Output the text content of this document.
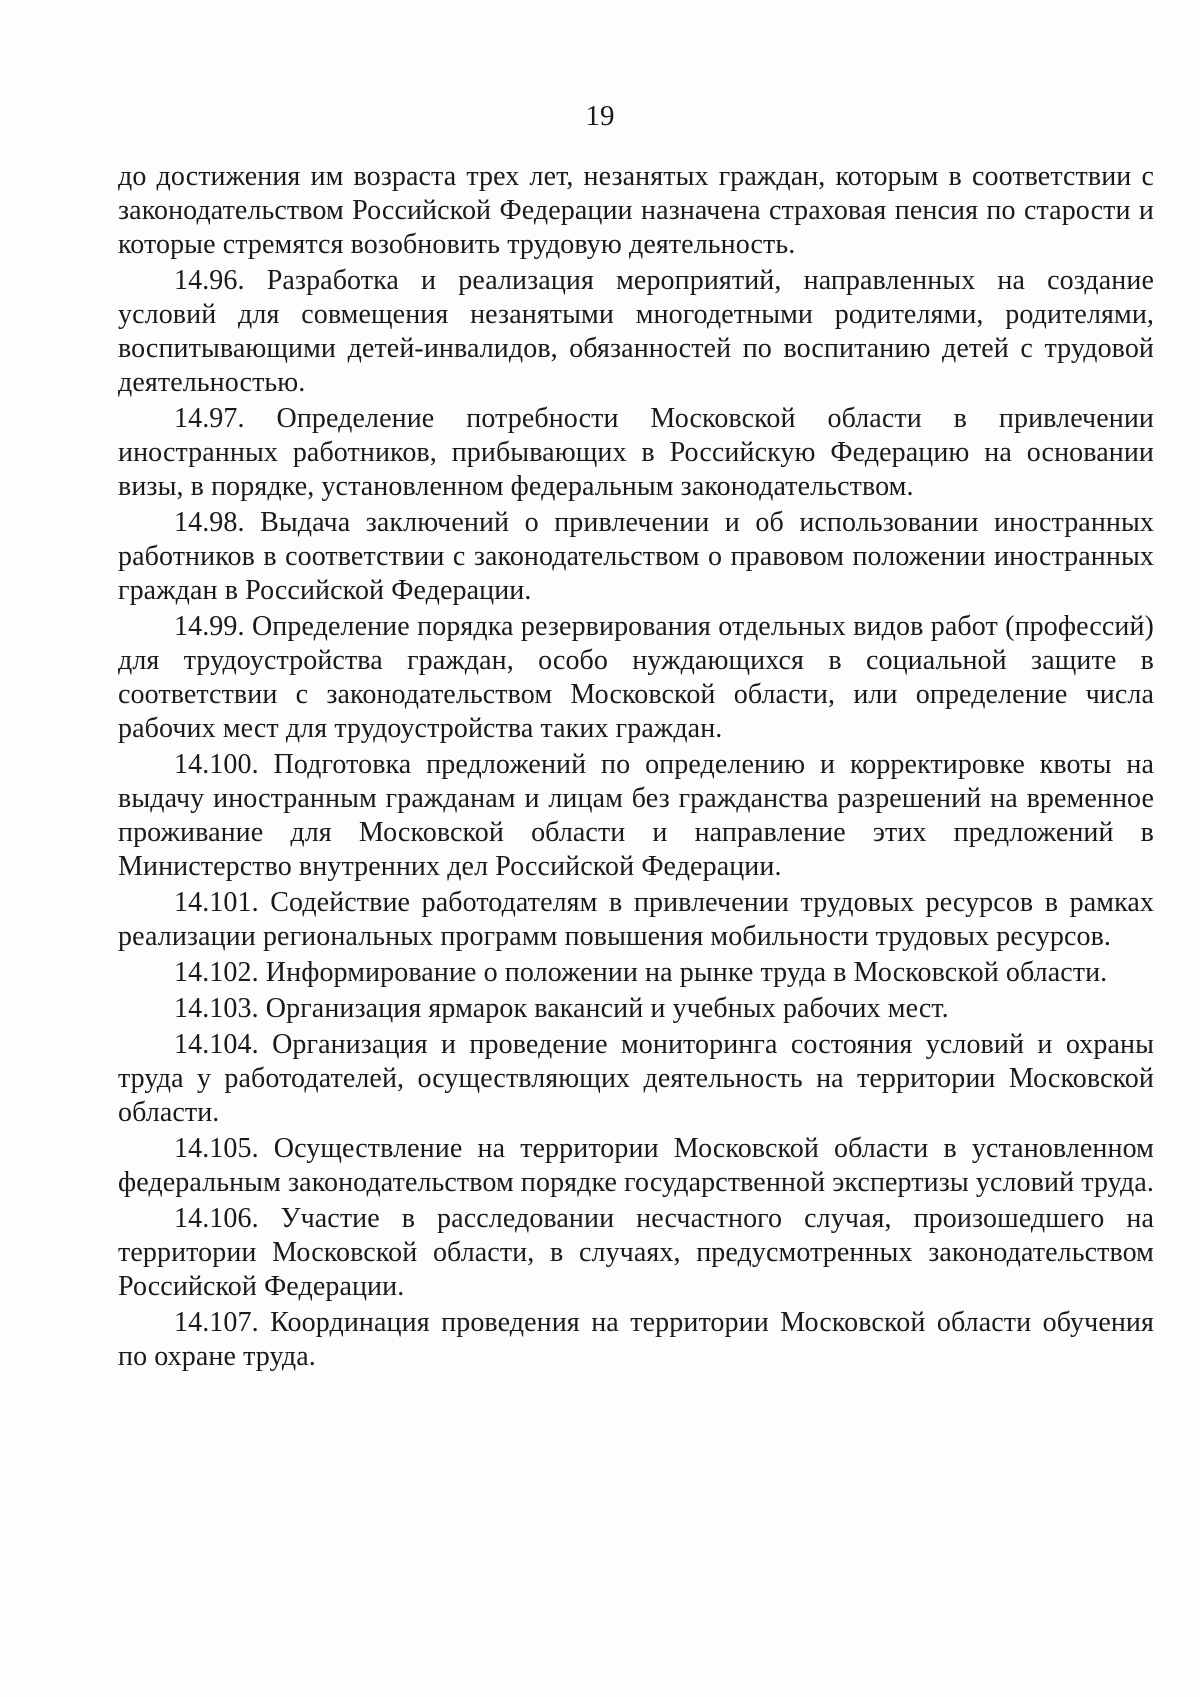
19

до достижения им возраста трех лет, незанятых граждан, которым в соответствии с законодательством Российской Федерации назначена страховая пенсия по старости и которые стремятся возобновить трудовую деятельность.

14.96. Разработка и реализация мероприятий, направленных на создание условий для совмещения незанятыми многодетными родителями, родителями, воспитывающими детей-инвалидов, обязанностей по воспитанию детей с трудовой деятельностью.

14.97. Определение потребности Московской области в привлечении иностранных работников, прибывающих в Российскую Федерацию на основании визы, в порядке, установленном федеральным законодательством.

14.98. Выдача заключений о привлечении и об использовании иностранных работников в соответствии с законодательством о правовом положении иностранных граждан в Российской Федерации.

14.99. Определение порядка резервирования отдельных видов работ (профессий) для трудоустройства граждан, особо нуждающихся в социальной защите в соответствии с законодательством Московской области, или определение числа рабочих мест для трудоустройства таких граждан.

14.100. Подготовка предложений по определению и корректировке квоты на выдачу иностранным гражданам и лицам без гражданства разрешений на временное проживание для Московской области и направление этих предложений в Министерство внутренних дел Российской Федерации.

14.101. Содействие работодателям в привлечении трудовых ресурсов в рамках реализации региональных программ повышения мобильности трудовых ресурсов.

14.102. Информирование о положении на рынке труда в Московской области.

14.103. Организация ярмарок вакансий и учебных рабочих мест.

14.104. Организация и проведение мониторинга состояния условий и охраны труда у работодателей, осуществляющих деятельность на территории Московской области.

14.105. Осуществление на территории Московской области в установленном федеральным законодательством порядке государственной экспертизы условий труда.

14.106. Участие в расследовании несчастного случая, произошедшего на территории Московской области, в случаях, предусмотренных законодательством Российской Федерации.

14.107. Координация проведения на территории Московской области обучения по охране труда.
